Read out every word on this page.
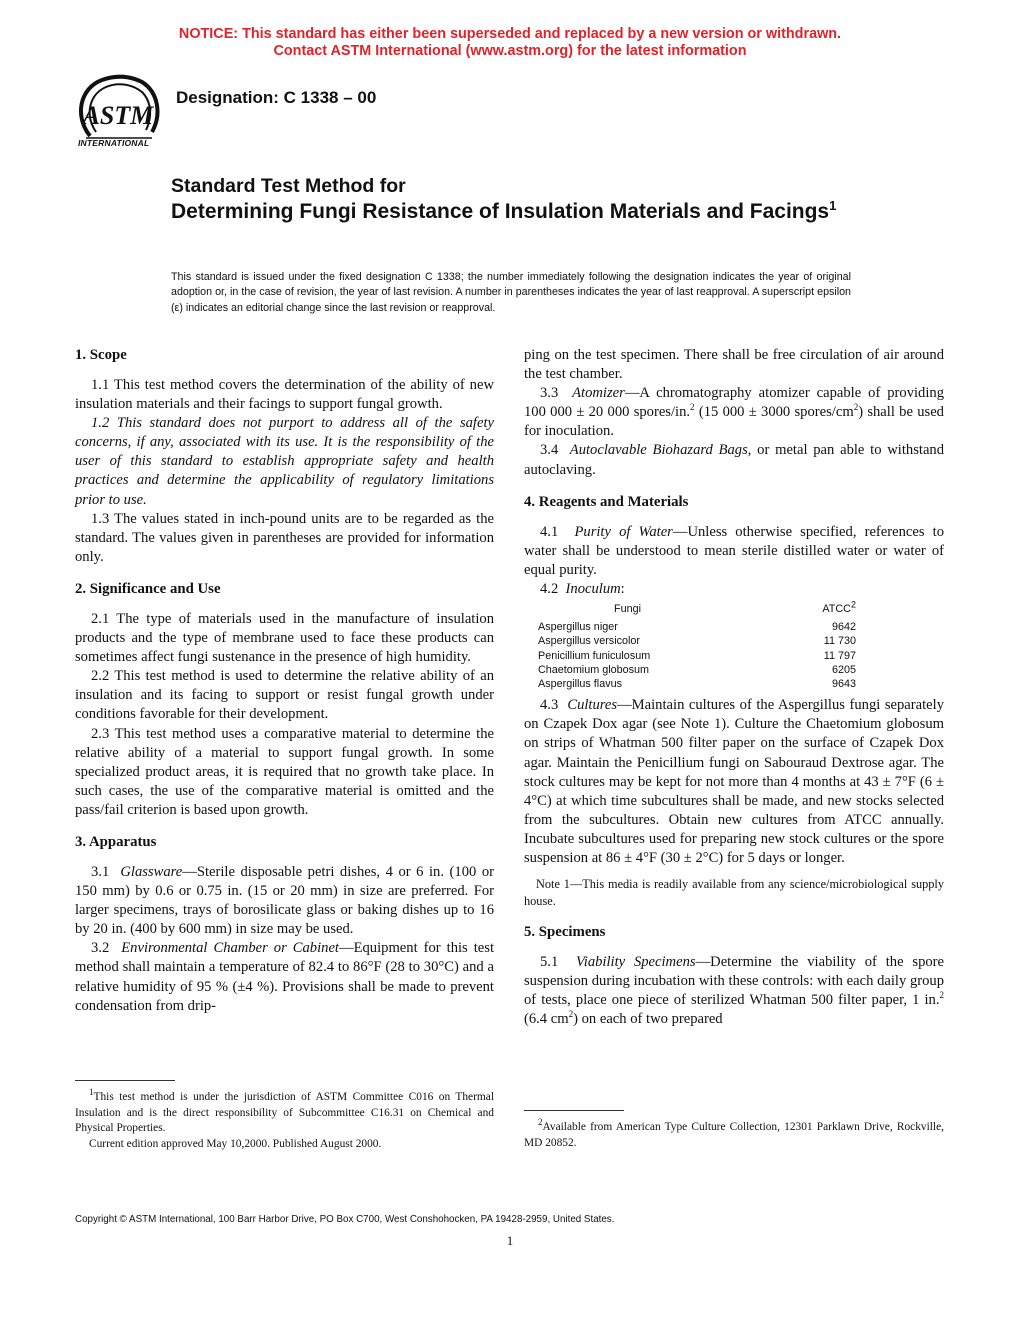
NOTICE: This standard has either been superseded and replaced by a new version or withdrawn.
Contact ASTM International (www.astm.org) for the latest information
ASTM
INTERNATIONAL
Designation: C 1338 – 00
Standard Test Method for
Determining Fungi Resistance of Insulation Materials and Facings$^1$
This standard is issued under the fixed designation C 1338; the number immediately following the designation indicates the year of original adoption or, in the case of revision, the year of last revision. A number in parentheses indicates the year of last reapproval. A superscript epsilon (ε) indicates an editorial change since the last revision or reapproval.
1. Scope

1.1 This test method covers the determination of the ability of new insulation materials and their facings to support fungal growth.

1.2 This standard does not purport to address all of the safety concerns, if any, associated with its use. It is the responsibility of the user of this standard to establish appropriate safety and health practices and determine the applicability of regulatory limitations prior to use.

1.3 The values stated in inch-pound units are to be regarded as the standard. The values given in parentheses are provided for information only.

2. Significance and Use

2.1 The type of materials used in the manufacture of insulation products and the type of membrane used to face these products can sometimes affect fungi sustenance in the presence of high humidity.

2.2 This test method is used to determine the relative ability of an insulation and its facing to support or resist fungal growth under conditions favorable for their development.

2.3 This test method uses a comparative material to determine the relative ability of a material to support fungal growth. In some specialized product areas, it is required that no growth take place. In such cases, the use of the comparative material is omitted and the pass/fail criterion is based upon growth.

3. Apparatus

3.1 Glassware—Sterile disposable petri dishes, 4 or 6 in. (100 or 150 mm) by 0.6 or 0.75 in. (15 or 20 mm) in size are preferred. For larger specimens, trays of borosilicate glass or baking dishes up to 16 by 20 in. (400 by 600 mm) in size may be used.

3.2 Environmental Chamber or Cabinet—Equipment for this test method shall maintain a temperature of 82.4 to 86°F (28 to 30°C) and a relative humidity of 95 % (±4 %). Provisions shall be made to prevent condensation from drip-

$^1$This test method is under the jurisdiction of ASTM Committee C016 on Thermal Insulation and is the direct responsibility of Subcommittee C16.31 on Chemical and Physical Properties.

Current edition approved May 10,2000. Published August 2000.

ping on the test specimen. There shall be free circulation of air around the test chamber.

3.3 Atomizer—A chromatography atomizer capable of providing 100 000 ± 20 000 spores/in.$^2$ (15 000 ± 3000 spores/$cm^2$) shall be used for inoculation.

3.4 Autoclavable Biohazard Bags, or metal pan able to withstand autoclaving.

4. Reagents and Materials

4.1 Purity of Water—Unless otherwise specified, references to water shall be understood to mean sterile distilled water or water of equal purity.

4.2 Inoculum:

Fungi	ATCC$^2$
Aspergillus niger	9642
Aspergillus versicolor	11 730
Penicillium funiculosum	11 797
Chaetomium globosum	6205
Aspergillus flavus	9643

4.3 Cultures—Maintain cultures of the Aspergillus fungi separately on Czapek Dox agar (see Note 1). Culture the Chaetomium globosum on strips of Whatman 500 filter paper on the surface of Czapek Dox agar. Maintain the Penicillium fungi on Sabouraud Dextrose agar. The stock cultures may be kept for not more than 4 months at 43 ± 7°F (6 ± 4°C) at which time subcultures shall be made, and new stocks selected from the subcultures. Obtain new cultures from ATCC annually. Incubate subcultures used for preparing new stock cultures or the spore suspension at 86 ± 4°F (30 ± 2°C) for 5 days or longer.

Note 1—This media is readily available from any science/microbiological supply house.
5. Specimens

5.1 Viability Specimens—Determine the viability of the spore suspension during incubation with these controls: with each daily group of tests, place one piece of sterilized Whatman 500 filter paper, 1 in.$^2$ (6.4 $cm^2$) on each of two prepared

$^2$Available from American Type Culture Collection, 12301 Parklawn Drive, Rockville, MD 20852.

Copyright © ASTM International, 100 Barr Harbor Drive, PO Box C700, West Conshohocken, PA 19428-2959, United States.
1
